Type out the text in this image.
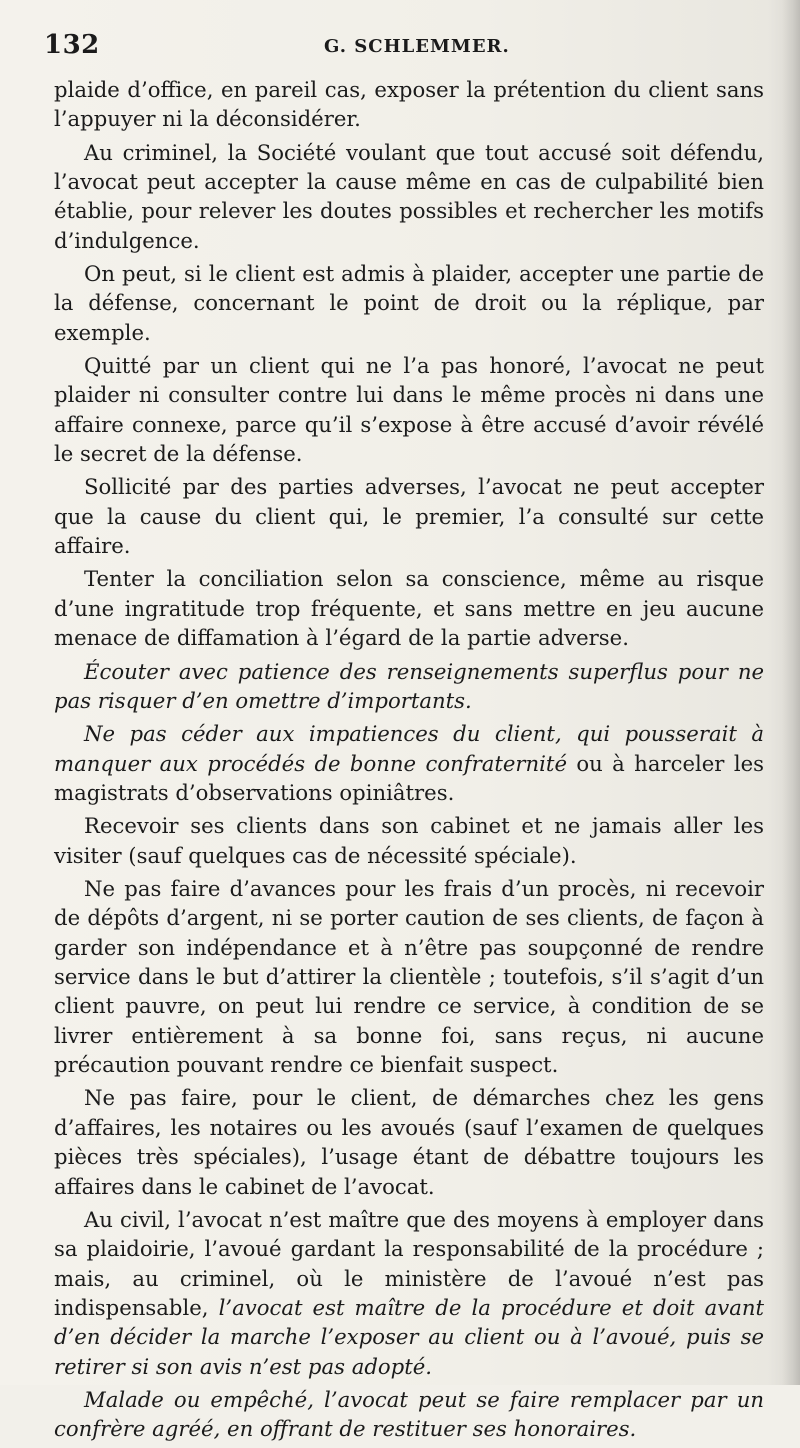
132	G. SCHLEMMER.

plaide d’office, en pareil cas, exposer la prétention du client sans l’appuyer ni la déconsidérer.

Au criminel, la Société voulant que tout accusé soit défendu, l’avocat peut accepter la cause même en cas de culpabilité bien établie, pour relever les doutes possibles et rechercher les motifs d’indulgence.

On peut, si le client est admis à plaider, accepter une partie de la défense, concernant le point de droit ou la réplique, par exemple.

Quitté par un client qui ne l’a pas honoré, l’avocat ne peut plaider ni consulter contre lui dans le même procès ni dans une affaire connexe, parce qu’il s’expose à être accusé d’avoir révélé le secret de la défense.

Sollicité par des parties adverses, l’avocat ne peut accepter que la cause du client qui, le premier, l’a consulté sur cette affaire.

Tenter la conciliation selon sa conscience, même au risque d’une ingratitude trop fréquente, et sans mettre en jeu aucune menace de diffamation à l’égard de la partie adverse.

Écouter avec patience des renseignements superflus pour ne pas risquer d’en omettre d’importants.

Ne pas céder aux impatiences du client, qui pousserait à manquer aux procédés de bonne confraternité ou à harceler les magistrats d’observations opiniâtres.

Recevoir ses clients dans son cabinet et ne jamais aller les visiter (sauf quelques cas de nécessité spéciale).

Ne pas faire d’avances pour les frais d’un procès, ni recevoir de dépôts d’argent, ni se porter caution de ses clients, de façon à garder son indépendance et à n’être pas soupçonné de rendre service dans le but d’attirer la clientèle ; toutefois, s’il s’agit d’un client pauvre, on peut lui rendre ce service, à condition de se livrer entièrement à sa bonne foi, sans reçus, ni aucune précaution pouvant rendre ce bienfait suspect.

Ne pas faire, pour le client, de démarches chez les gens d’affaires, les notaires ou les avoués (sauf l’examen de quelques pièces très spéciales), l’usage étant de débattre toujours les affaires dans le cabinet de l’avocat.

Au civil, l’avocat n’est maître que des moyens à employer dans sa plaidoirie, l’avoué gardant la responsabilité de la procédure ; mais, au criminel, où le ministère de l’avoué n’est pas indispensable, l’avocat est maître de la procédure et doit avant d’en décider la marche l’exposer au client ou à l’avoué, puis se retirer si son avis n’est pas adopté.

Malade ou empêché, l’avocat peut se faire remplacer par un confrère agréé, en offrant de restituer ses honoraires.
